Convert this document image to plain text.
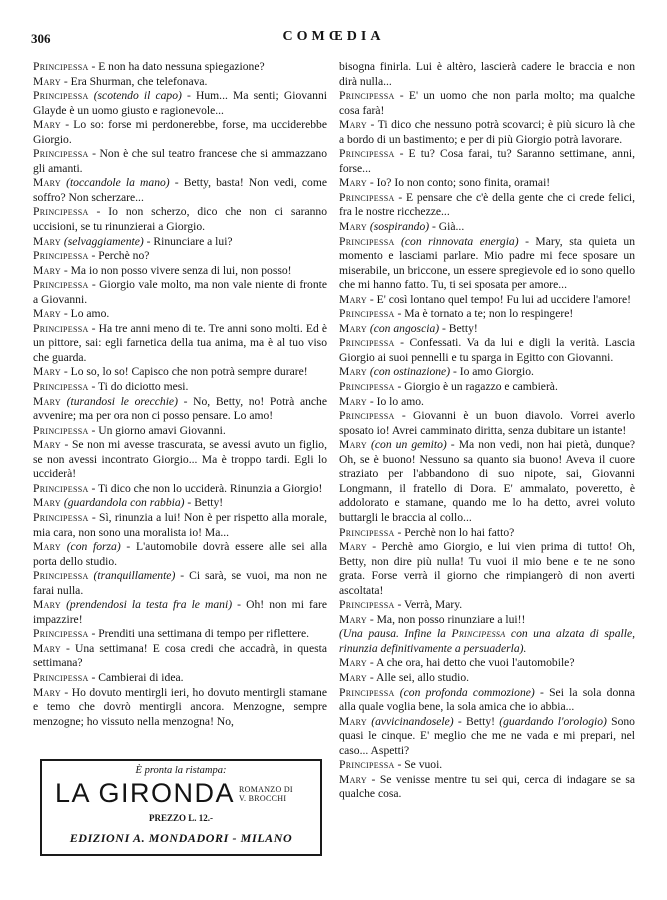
306	COMŒDIA

Principessa - E non ha dato nessuna spiegazione?

Mary - Era Shurman, che telefonava.

Principessa (scotendo il capo) - Hum... Ma senti; Giovanni Glayde è un uomo giusto e ragionevole...

Mary - Lo so: forse mi perdonerebbe, forse, ma ucciderebbe Giorgio.

Principessa - Non è che sul teatro francese che si ammazzano gli amanti.

Mary (toccandole la mano) - Betty, basta! Non vedi, come soffro? Non scherzare...

Principessa - Io non scherzo, dico che non ci saranno uccisioni, se tu rinunzierai a Giorgio.

Mary (selvaggiamente) - Rinunciare a lui?

Principessa - Perchè no?

Mary - Ma io non posso vivere senza di lui, non posso!

Principessa - Giorgio vale molto, ma non vale niente di fronte a Giovanni.

Mary - Lo amo.

Principessa - Ha tre anni meno di te. Tre anni sono molti. Ed è un pittore, sai: egli farnetica della tua anima, ma è al tuo viso che guarda.

Mary - Lo so, lo so! Capisco che non potrà sempre durare!

Principessa - Ti do diciotto mesi.

Mary (turandosi le orecchie) - No, Betty, no! Potrà anche avvenire; ma per ora non ci posso pensare. Lo amo!

Principessa - Un giorno amavi Giovanni.

Mary - Se non mi avesse trascurata, se avessi avuto un figlio, se non avessi incontrato Giorgio... Ma è troppo tardi. Egli lo ucciderà!

Principessa - Ti dico che non lo ucciderà. Rinunzia a Giorgio!

Mary (guardandola con rabbia) - Betty!

Principessa - Sì, rinunzia a lui! Non è per rispetto alla morale, mia cara, non sono una moralista io! Ma...

Mary (con forza) - L'automobile dovrà essere alle sei alla porta dello studio.

Principessa (tranquillamente) - Ci sarà, se vuoi, ma non ne farai nulla.

Mary (prendendosi la testa fra le mani) - Oh! non mi fare impazzire!

Principessa - Prenditi una settimana di tempo per riflettere.

Mary - Una settimana! E cosa credi che accadrà, in questa settimana?

Principessa - Cambierai di idea.

Mary - Ho dovuto mentirgli ieri, ho dovuto mentirgli stamane e temo che dovrò mentirgli ancora. Menzogne, sempre menzogne; ho vissuto nella menzogna! No,

bisogna finirla. Lui è altèro, lascierà cadere le braccia e non dirà nulla...

Principessa - E' un uomo che non parla molto; ma qualche cosa farà!

Mary - Ti dico che nessuno potrà scovarci; è più sicuro là che a bordo di un bastimento; e per di più Giorgio potrà lavorare.

Principessa - E tu? Cosa farai, tu? Saranno settimane, anni, forse...

Mary - Io? Io non conto; sono finita, oramai!

Principessa - E pensare che c'è della gente che ci crede felici, fra le nostre ricchezze...

Mary (sospirando) - Già...

Principessa (con rinnovata energia) - Mary, sta quieta un momento e lasciami parlare. Mio padre mi fece sposare un miserabile, un briccone, un essere spregievole ed io sono quello che mi hanno fatto. Tu, ti sei sposata per amore...

Mary - E' così lontano quel tempo! Fu lui ad uccidere l'amore!

Principessa - Ma è tornato a te; non lo respingere!

Mary (con angoscia) - Betty!

Principessa - Confessati. Va da lui e digli la verità. Lascia Giorgio ai suoi pennelli e tu sparga in Egitto con Giovanni.

Mary (con ostinazione) - Io amo Giorgio.

Principessa - Giorgio è un ragazzo e cambierà.

Mary - Io lo amo.

Principessa - Giovanni è un buon diavolo. Vorrei averlo sposato io! Avrei camminato diritta, senza dubitare un istante!

Mary (con un gemito) - Ma non vedi, non hai pietà, dunque? Oh, se è buono! Nessuno sa quanto sia buono! Aveva il cuore straziato per l'abbandono di suo nipote, sai, Giovanni Longmann, il fratello di Dora. E' ammalato, poveretto, è addolorato e stamane, quando me lo ha detto, avrei voluto buttargli le braccia al collo...

Principessa - Perchè non lo hai fatto?

Mary - Perchè amo Giorgio, e lui vien prima di tutto! Oh, Betty, non dire più nulla! Tu vuoi il mio bene e te ne sono grata. Forse verrà il giorno che rimpiangerò di non averti ascoltata!

Principessa - Verrà, Mary.

Mary - Ma, non posso rinunziare a lui!!

(Una pausa. Infine la Principessa con una alzata di spalle, rinunzia definitivamente a persuaderla).

Mary - A che ora, hai detto che vuoi l'automobile?

Mary - Alle sei, allo studio.

Principessa (con profonda commozione) - Sei la sola donna alla quale voglia bene, la sola amica che io abbia...

Mary (avvicinandosele) - Betty! (guardando l'orologio) Sono quasi le cinque. E' meglio che me ne vada e mi prepari, nel caso... Aspetti?

Principessa - Se vuoi.

Mary - Se venisse mentre tu sei qui, cerca di indagare se sa qualche cosa.

È pronta la ristampa:
LA GIRONDA ROMANZO DI
V. BROCCHI
PREZZO L. 12.-
EDIZIONI A. MONDADORI - MILANO
